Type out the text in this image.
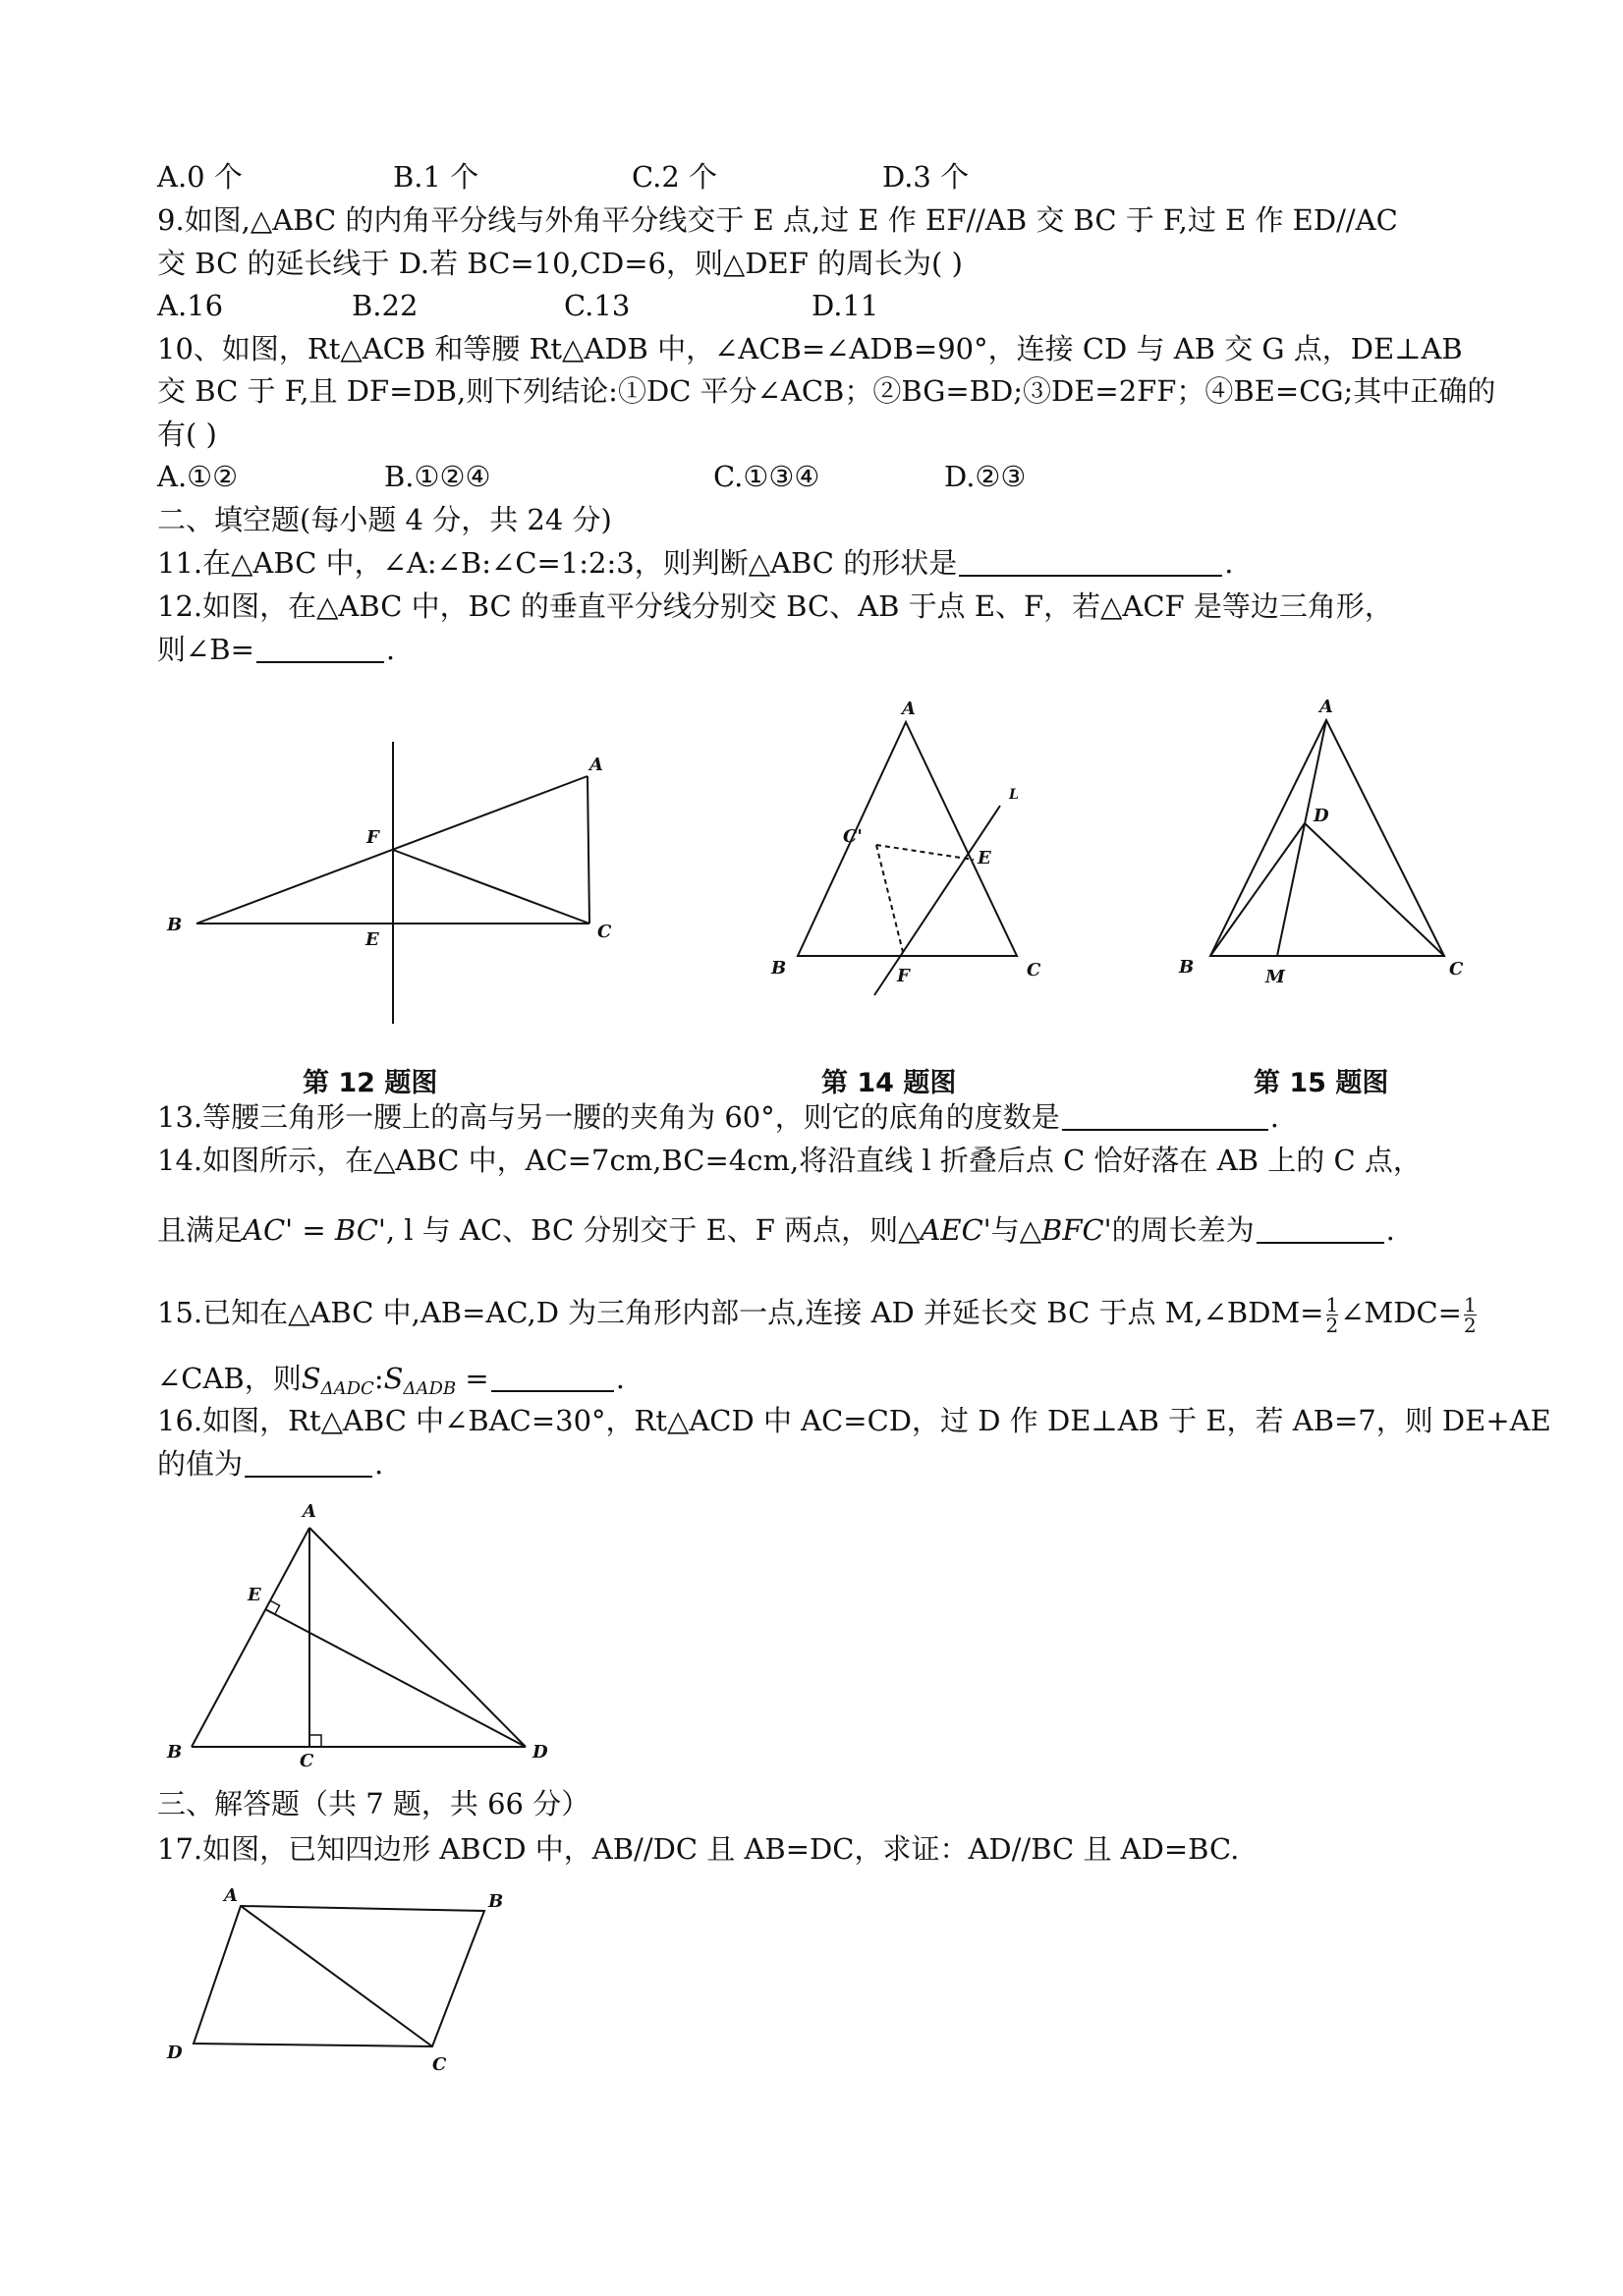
A.0 个	B.1 个	C.2 个	D.3 个
9.如图,△ABC 的内角平分线与外角平分线交于 E 点,过 E 作 EF//AB 交 BC 于 F,过 E 作 ED//AC
交 BC 的延长线于 D.若 BC=10,CD=6，则△DEF 的周长为( )
A.16	B.22	C.13	D.11
10、如图，Rt△ACB 和等腰 Rt△ADB 中，∠ACB=∠ADB=90°，连接 CD 与 AB 交 G 点，DE⊥AB
交 BC 于 F,且 DF=DB,则下列结论:①DC 平分∠ACB；②BG=BD;③DE=2FF；④BE=CG;其中正确的
有( )
A.①②	B.①②④	C.①③④	D.②③
二、填空题(每小题 4 分，共 24 分)
11.在△ABC 中，∠A:∠B:∠C=1:2:3，则判断△ABC 的形状是	.
12.如图，在△ABC 中，BC 的垂直平分线分别交 BC、AB 于点 E、F，若△ACF 是等边三角形，
则∠B=	.
A
B	C
E
F
A
B	C
C'
E
F
L
A
B	C
D
M
第 12 题图	第 14 题图	第 15 题图
13.等腰三角形一腰上的高与另一腰的夹角为 60°，则它的底角的度数是	.
14.如图所示，在△ABC 中，AC=7cm,BC=4cm,将沿直线 l 折叠后点 C 恰好落在 AB 上的 C 点，
且满足AC' = BC', l 与 AC、BC 分别交于 E、F 两点，则△AEC'与△BFC'的周长差为	.
15.已知在△ABC 中,AB=AC,D 为三角形内部一点,连接 AD 并延长交 BC 于点 M,∠BDM= $\frac{1}{2}$ ∠MDC= $\frac{1}{2}$
∠CAB，则$S_{\Delta ADC}:S_{\Delta ADB}$ =	.
16.如图，Rt△ABC 中∠BAC=30°，Rt△ACD 中 AC=CD，过 D 作 DE⊥AB 于 E，若 AB=7，则 DE+AE
的值为	.
A
B	C	D
E
三、解答题（共 7 题，共 66 分）
17.如图，已知四边形 ABCD 中，AB//DC 且 AB=DC，求证：AD//BC 且 AD=BC.
A	B
C
D
